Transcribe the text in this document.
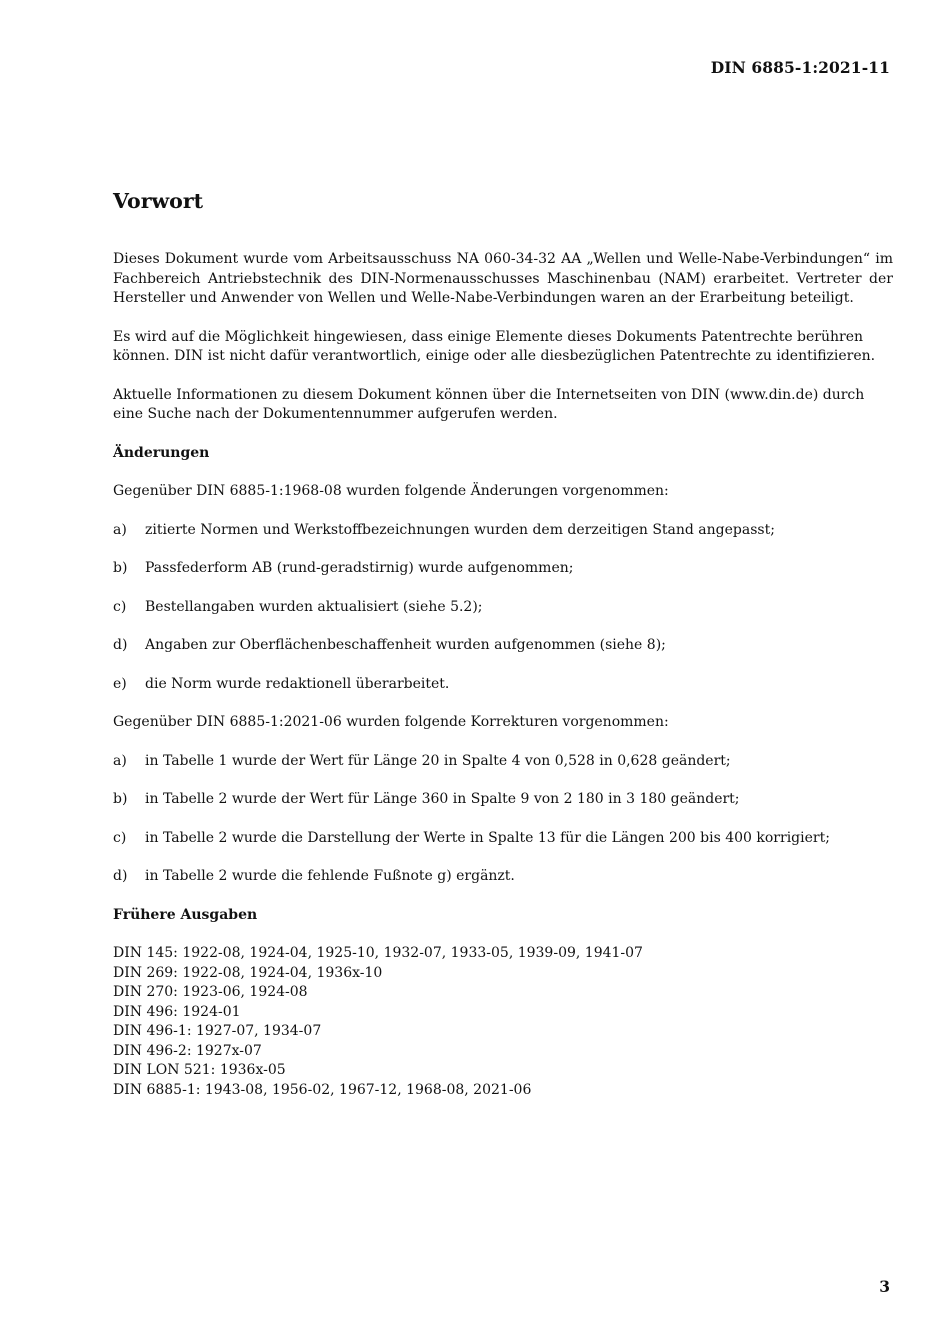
DIN 6885-1:2021-11
Vorwort

Dieses Dokument wurde vom Arbeitsausschuss NA 060-34-32 AA „Wellen und Welle-Nabe-Verbindungen“ im Fachbereich Antriebstechnik des DIN-Normenausschusses Maschinenbau (NAM) erarbeitet. Vertreter der Hersteller und Anwender von Wellen und Welle-Nabe-Verbindungen waren an der Erarbeitung beteiligt.

Es wird auf die Möglichkeit hingewiesen, dass einige Elemente dieses Dokuments Patentrechte berühren können. DIN ist nicht dafür verantwortlich, einige oder alle diesbezüglichen Patentrechte zu identifizieren.

Aktuelle Informationen zu diesem Dokument können über die Internetseiten von DIN (www.din.de) durch eine Suche nach der Dokumentennummer aufgerufen werden.

Änderungen

Gegenüber DIN 6885-1:1968-08 wurden folgende Änderungen vorgenommen:

a)	zitierte Normen und Werkstoffbezeichnungen wurden dem derzeitigen Stand angepasst;
b)	Passfederform AB (rund-geradstirnig) wurde aufgenommen;
c)	Bestellangaben wurden aktualisiert (siehe 5.2);
d)	Angaben zur Oberflächenbeschaffenheit wurden aufgenommen (siehe 8);
e)	die Norm wurde redaktionell überarbeitet.

Gegenüber DIN 6885-1:2021-06 wurden folgende Korrekturen vorgenommen:

a)	in Tabelle 1 wurde der Wert für Länge 20 in Spalte 4 von 0,528 in 0,628 geändert;
b)	in Tabelle 2 wurde der Wert für Länge 360 in Spalte 9 von 2 180 in 3 180 geändert;
c)	in Tabelle 2 wurde die Darstellung der Werte in Spalte 13 für die Längen 200 bis 400 korrigiert;
d)	in Tabelle 2 wurde die fehlende Fußnote g) ergänzt.

Frühere Ausgaben

DIN 145: 1922-08, 1924-04, 1925-10, 1932-07, 1933-05, 1939-09, 1941-07
DIN 269: 1922-08, 1924-04, 1936x-10
DIN 270: 1923-06, 1924-08
DIN 496: 1924-01
DIN 496-1: 1927-07, 1934-07
DIN 496-2: 1927x-07
DIN LON 521: 1936x-05
DIN 6885-1: 1943-08, 1956-02, 1967-12, 1968-08, 2021-06
3
